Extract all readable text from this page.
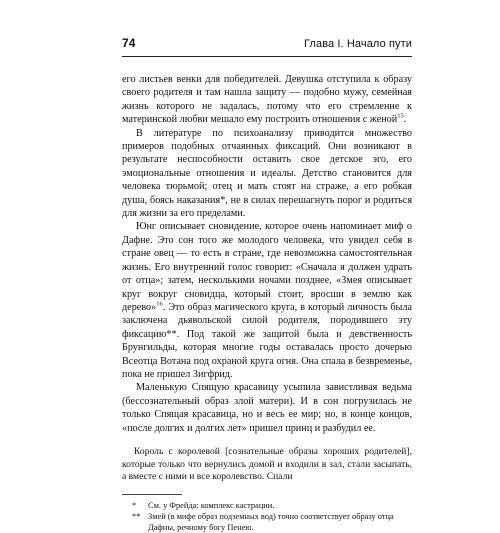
74	Глава I. Начало пути

его листьев венки для победителей. Девушка отступила к образу своего родителя и там нашла защиту — подобно мужу, семейная жизнь которого не задалась, потому что его стремление к материнской любви мешало ему построить отношения с женой$^{15}$.

В литературе по психоанализу приводится множество примеров подобных отчаянных фиксаций. Они возникают в результате неспособности оставить свое детское эго, его эмоциональные отношения и идеалы. Детство становится для человека тюрьмой; отец и мать стоят на страже, а его робкая душа, боясь наказания*, не в силах перешагнуть порог и родиться для жизни за его пределами.

Юнг описывает сновидение, которое очень напоминает миф о Дафне. Это сон того же молодого человека, что увидел себя в стране овец — то есть в стране, где невозможна самостоятельная жизнь. Его внутренний голос говорит: «Сначала я должен удрать от отца»; затем, несколькими ночами позднее, «Змея описывает круг вокруг сновидца, который стоит, вросши в землю как дерево»$^{16}$. Это образ магического круга, в который личность была заключена дьявольской силой родителя, породившего эту фиксацию**. Под такой же защитой была и девственность Брунгильды, которая многие годы оставалась просто дочерью Всеотца Вотана под охраной круга огня. Она спала в безвременье, пока не пришел Зигфрид.

Маленькую Спящую красавицу усыпила завистливая ведьма (бессознательный образ злой матери). И в сон погрузилась не только Спящая красавица, но и весь ее мир; но, в конце концов, «после долгих и долгих лет» пришел принц и разбудил ее.

Король с королевой [сознательные образы хороших родителей], которые только что вернулись домой и входили в зал, стали засыпать, а вместе с ними и все королевство. Спали
*	См. у Фрейда: комплекс кастрации.
** Змей (в мифе образ подземных вод) точно соответствует образу отца Дафны, речному богу Пенею.
